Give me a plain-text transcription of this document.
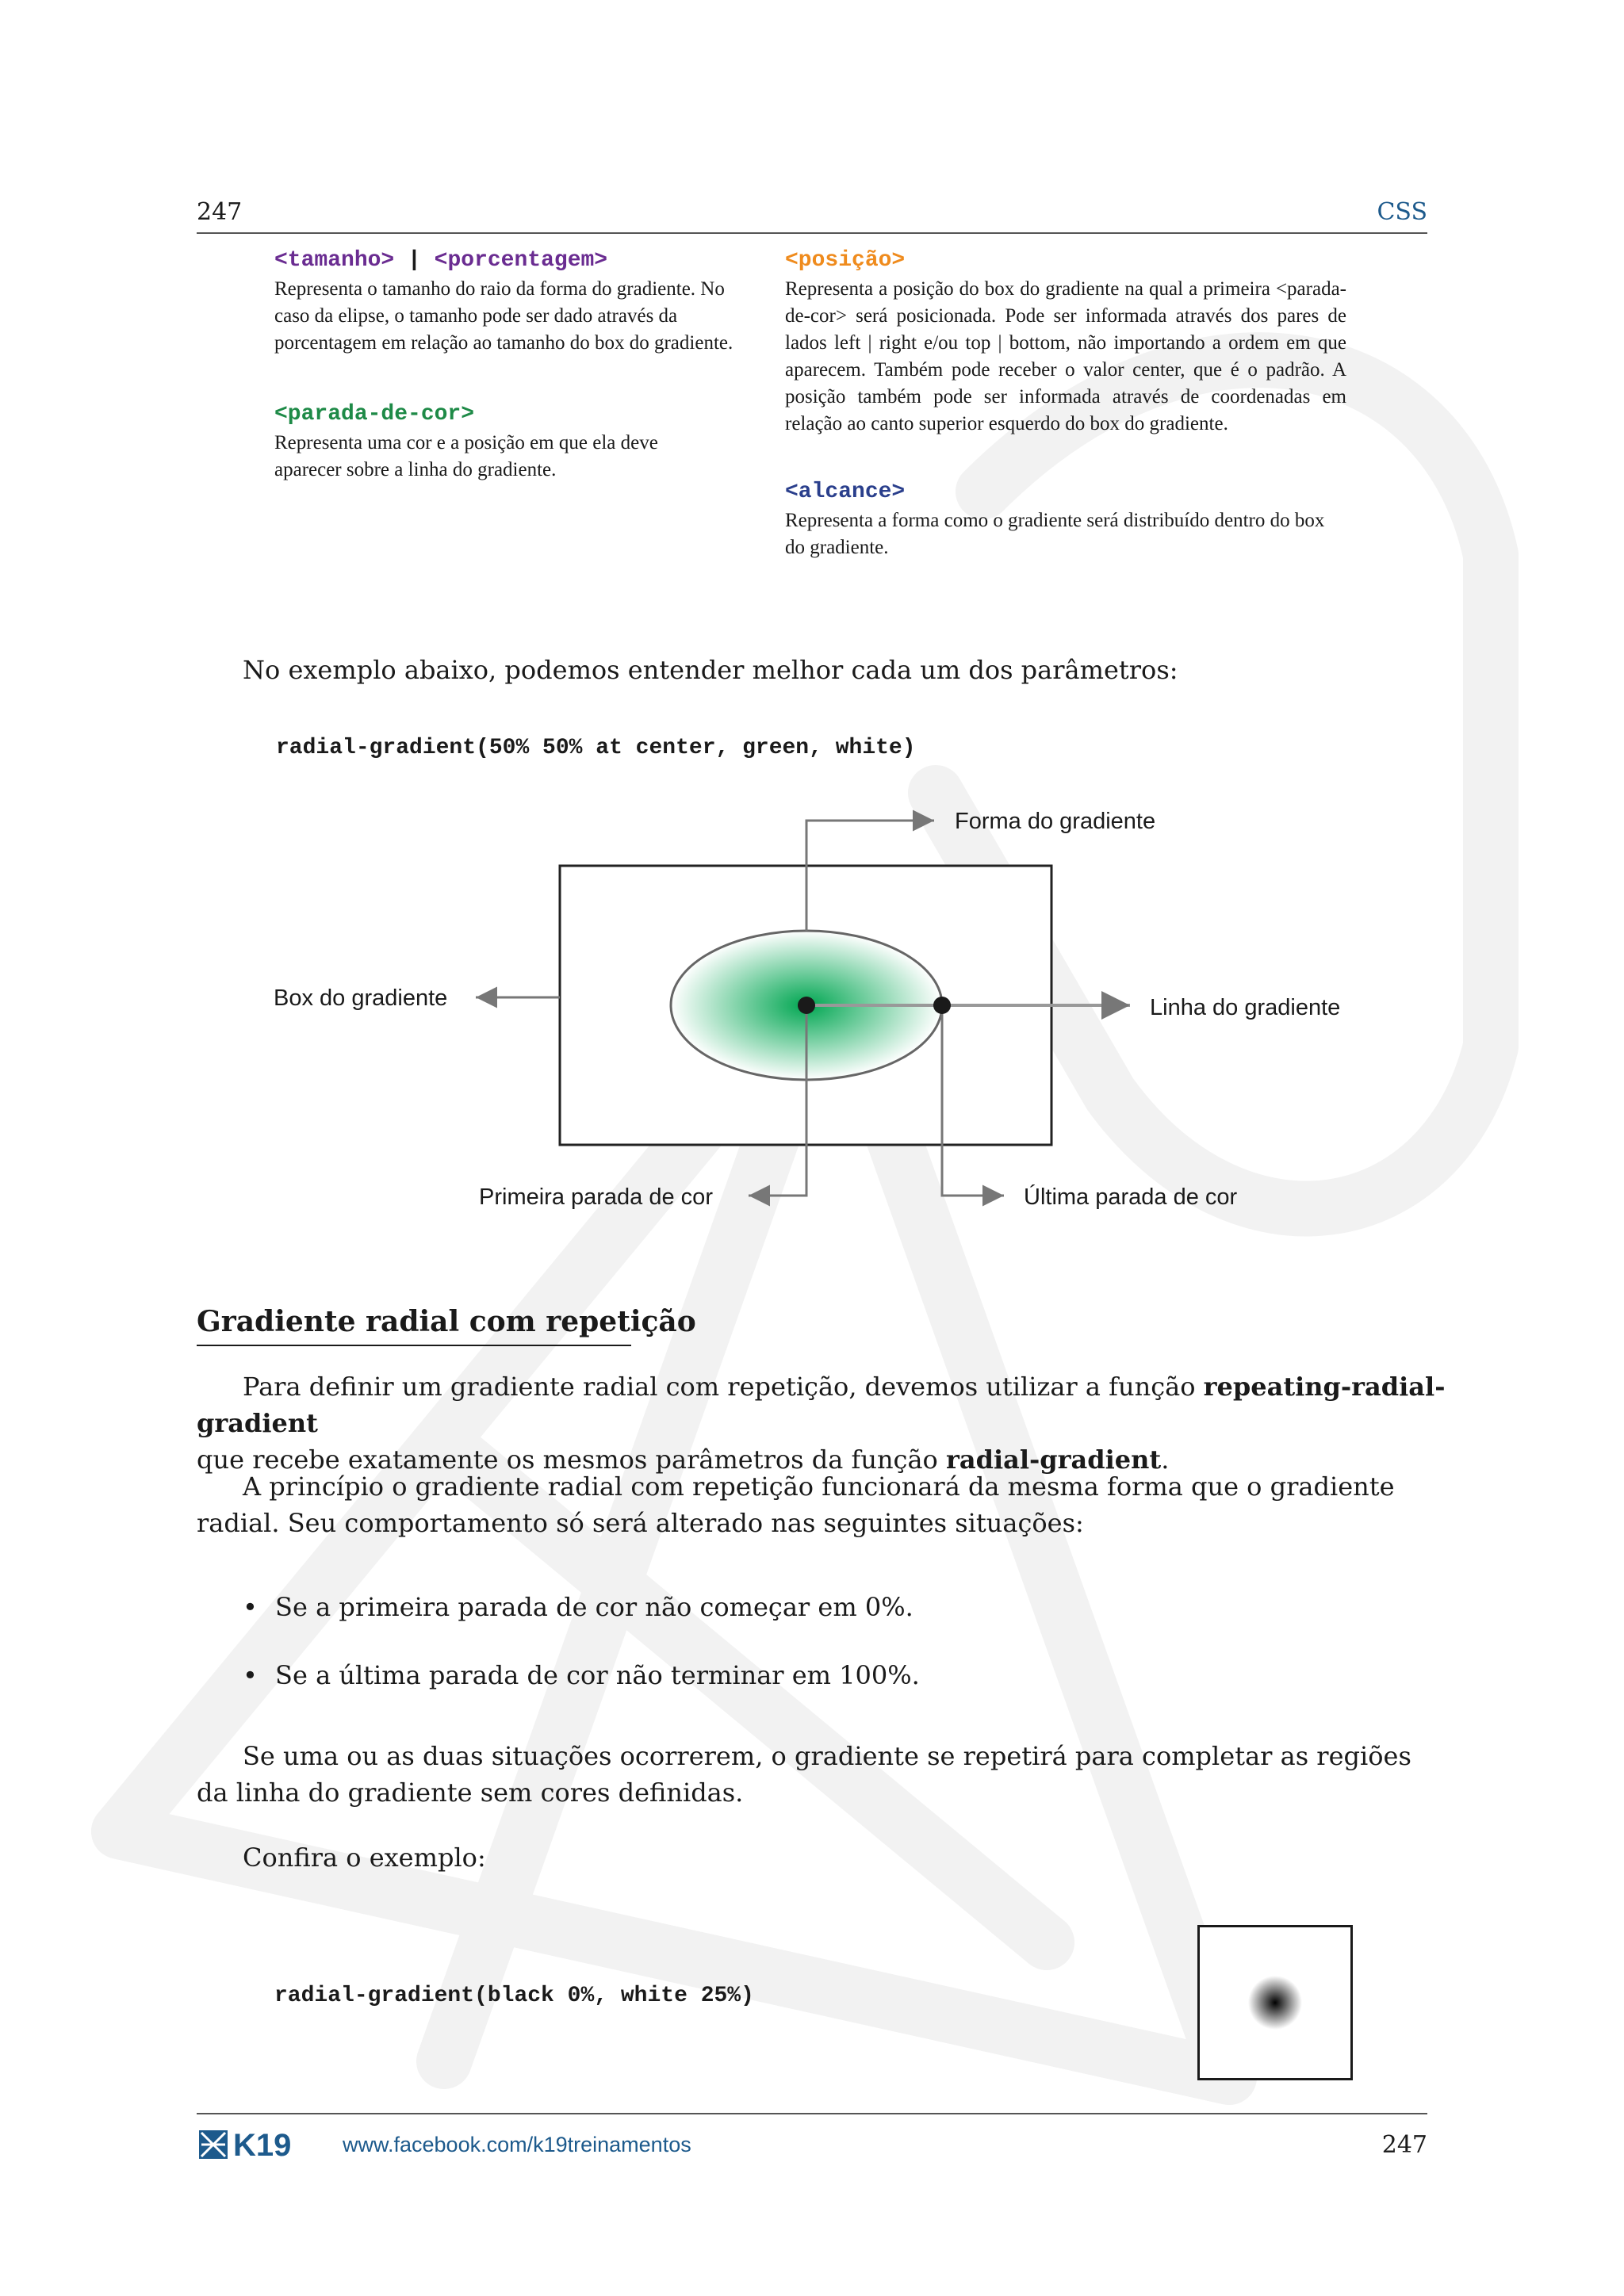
247	CSS
<tamanho> | <porcentagem>
Representa o tamanho do raio da forma do gradiente. No caso da elipse, o tamanho pode ser dado através da porcentagem em relação ao tamanho do box do gradiente.
<parada-de-cor>
Representa uma cor e a posição em que ela deve aparecer sobre a linha do gradiente.
<posição>
Representa a posição do box do gradiente na qual a primeira <parada-de-cor> será posicionada. Pode ser informada através dos pares de lados left | right e/ou top | bottom, não importando a ordem em que aparecem. Também pode receber o valor center, que é o padrão. A posição também pode ser informada através de coordenadas em relação ao canto superior esquerdo do box do gradiente.
<alcance>
Representa a forma como o gradiente será distribuído dentro do box do gradiente.
No exemplo abaixo, podemos entender melhor cada um dos parâmetros:
radial-gradient(50% 50% at center, green, white)
Forma do gradiente
Box do gradiente	Linha do gradiente
Primeira parada de cor	Última parada de cor
Gradiente radial com repetição
Para definir um gradiente radial com repetição, devemos utilizar a função repeating-radial-gradient
que recebe exatamente os mesmos parâmetros da função radial-gradient.
A princípio o gradiente radial com repetição funcionará da mesma forma que o gradiente radial. Seu comportamento só será alterado nas seguintes situações:
• Se a primeira parada de cor não começar em 0%.
• Se a última parada de cor não terminar em 100%.
Se uma ou as duas situações ocorrerem, o gradiente se repetirá para completar as regiões da linha do gradiente sem cores definidas.
Confira o exemplo:
radial-gradient(black 0%, white 25%)
K19 www.facebook.com/k19treinamentos	247
